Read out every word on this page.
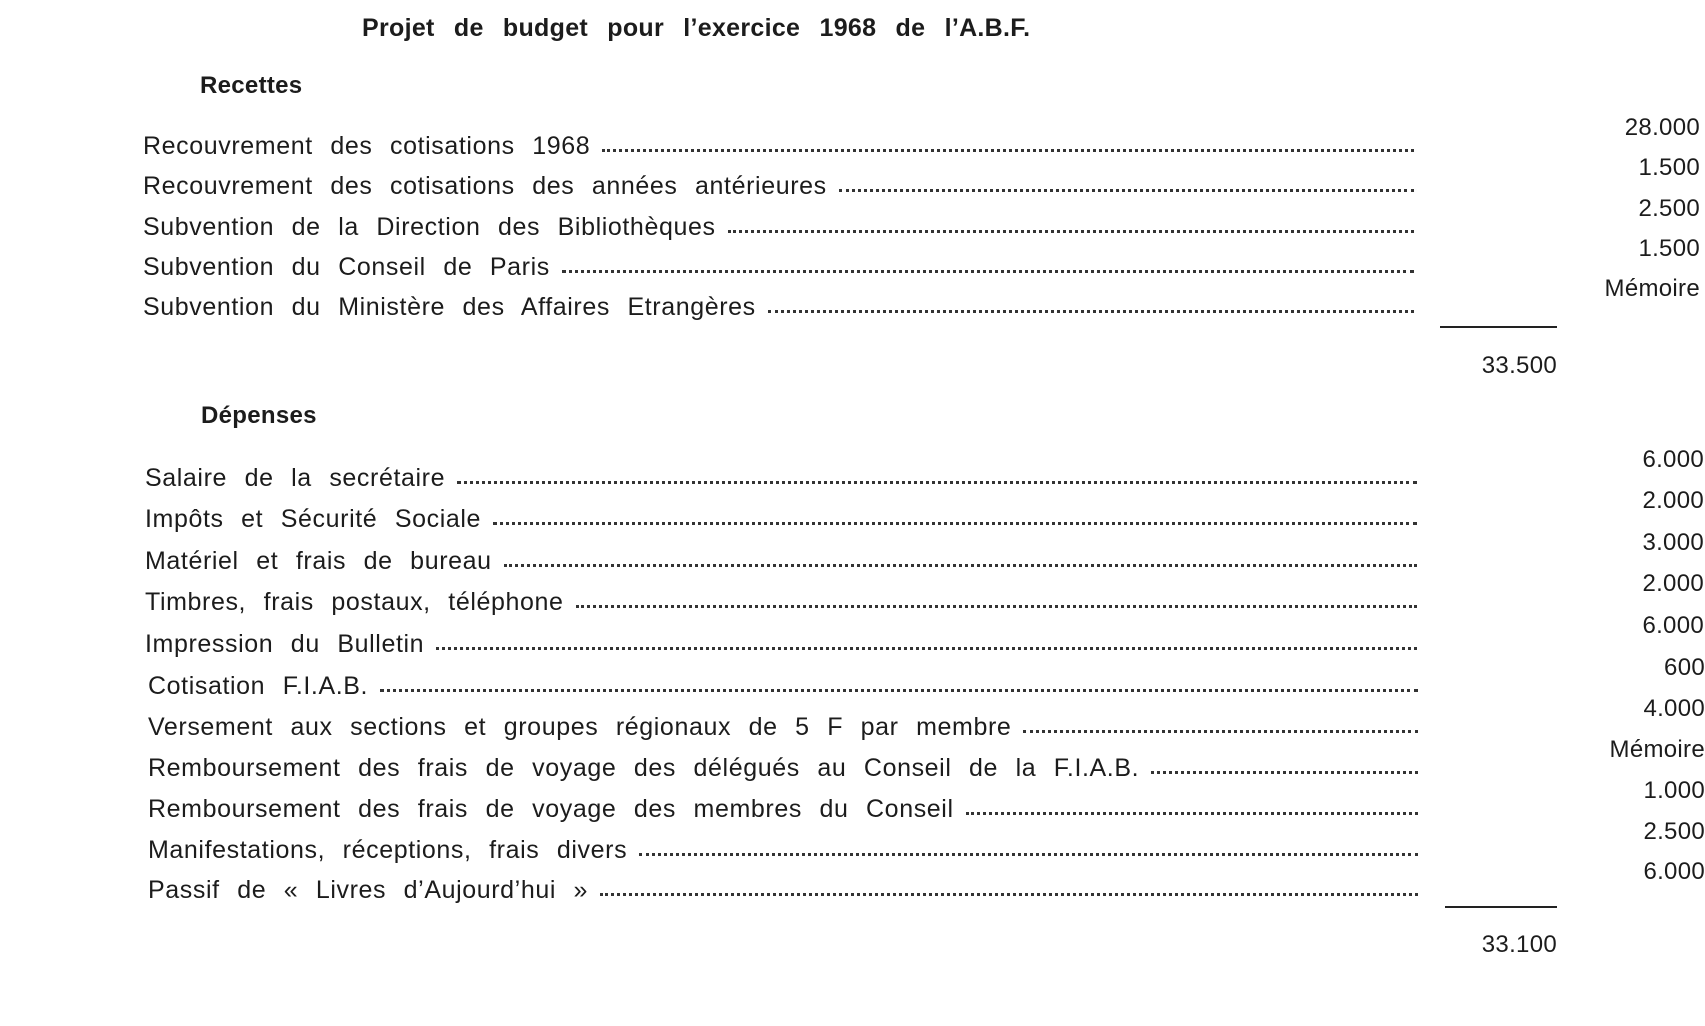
Projet de budget pour l’exercice 1968 de l’A.B.F.
Recettes
Recouvrement des cotisations 1968
28.000
Recouvrement des cotisations des années antérieures
1.500
Subvention de la Direction des Bibliothèques
2.500
Subvention du Conseil de Paris
1.500
Subvention du Ministère des Affaires Etrangères
Mémoire
33.500
Dépenses
Salaire de la secrétaire
6.000
Impôts et Sécurité Sociale
2.000
Matériel et frais de bureau
3.000
Timbres, frais postaux, téléphone
2.000
Impression du Bulletin
6.000
Cotisation F.I.A.B.
600
Versement aux sections et groupes régionaux de 5 F par membre
4.000
Remboursement des frais de voyage des délégués au Conseil de la F.I.A.B.
Mémoire
Remboursement des frais de voyage des membres du Conseil
1.000
Manifestations, réceptions, frais divers
2.500
Passif de « Livres d’Aujourd’hui »
6.000
33.100
